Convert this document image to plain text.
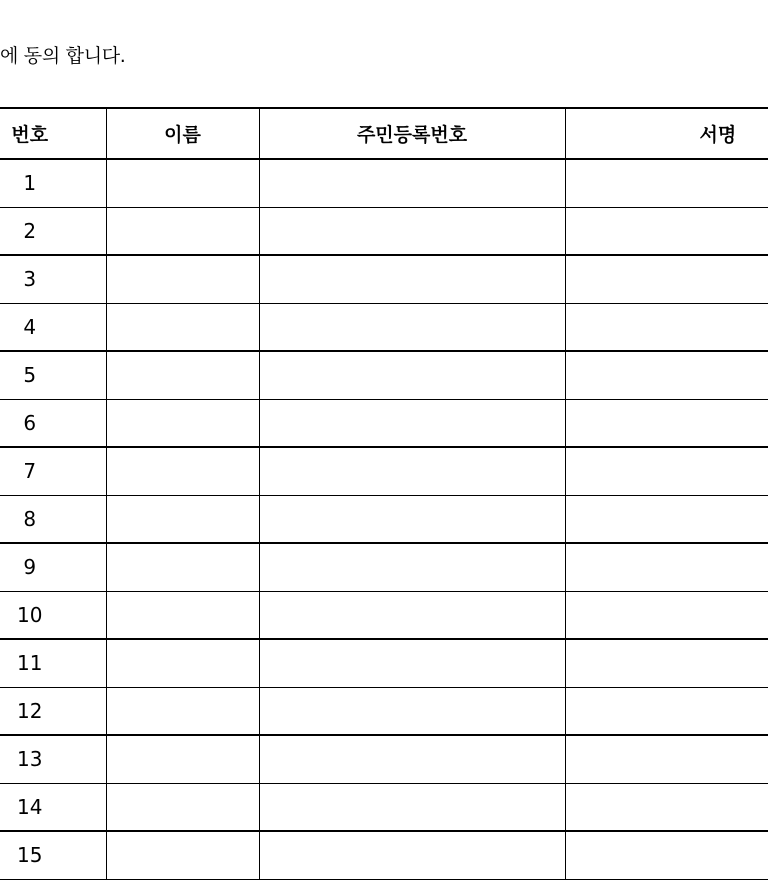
에 동의 합니다.
번호	이름	주민등록번호	서명
1			
2			
3			
4			
5			
6			
7			
8			
9			
10			
11			
12			
13			
14			
15			
